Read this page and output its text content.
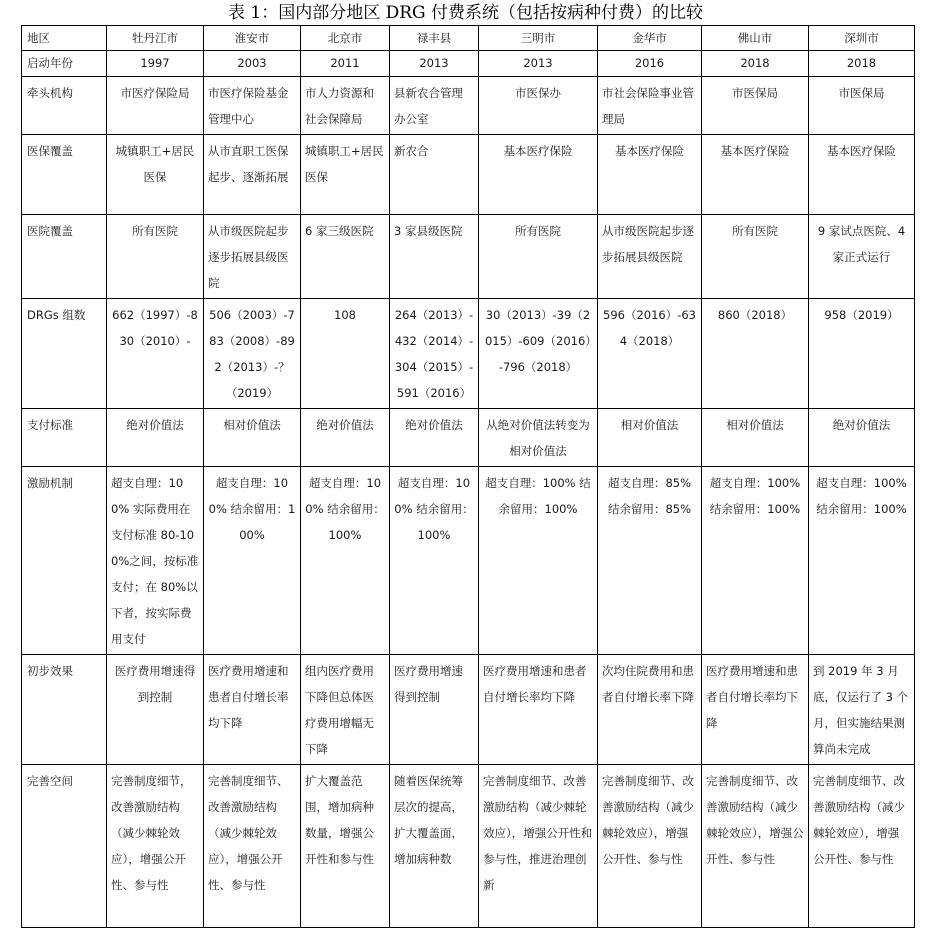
表 1：国内部分地区 DRG 付费系统（包括按病种付费）的比较
地区	牡丹江市	淮安市	北京市	禄丰县	三明市	金华市	佛山市	深圳市
启动年份	1997	2003	2011	2013	2013	2016	2018	2018
牵头机构	市医疗保险局	市医疗保险基金管理中心	市人力资源和社会保障局	县新农合管理办公室	市医保办	市社会保险事业管理局	市医保局	市医保局
医保覆盖	城镇职工+居民医保	从市直职工医保起步、逐渐拓展	城镇职工+居民医保	新农合	基本医疗保险	基本医疗保险	基本医疗保险	基本医疗保险
医院覆盖	所有医院	从市级医院起步逐步拓展县级医院	6 家三级医院	3 家县级医院	所有医院	从市级医院起步逐步拓展县级医院	所有医院	9 家试点医院、4 家正式运行
DRGs 组数	662（1997）-830（2010）-	506（2003）-783（2008）-892（2013）-？（2019）	108	264（2013）-432（2014）-304（2015）-591（2016）	30（2013）-39（2015）-609（2016）-796（2018）	596（2016）-634（2018）	860（2018）	958（2019）
支付标准	绝对价值法	相对价值法	绝对价值法	绝对价值法	从绝对价值法转变为相对价值法	相对价值法	相对价值法	绝对价值法
激励机制	超支自理：100% 实际费用在支付标准 80-100%之间，按标准支付；在 80%以下者，按实际费用支付	超支自理：100% 结余留用：100%	超支自理：100% 结余留用：100%	超支自理：100% 结余留用：100%	超支自理：100% 结余留用：100%	超支自理：85% 结余留用：85%	超支自理：100% 结余留用：100%	超支自理：100% 结余留用：100%
初步效果	医疗费用增速得到控制	医疗费用增速和患者自付增长率均下降	组内医疗费用下降但总体医疗费用增幅无下降	医疗费用增速得到控制	医疗费用增速和患者自付增长率均下降	次均住院费用和患者自付增长率下降	医疗费用增速和患者自付增长率均下降	到 2019 年 3 月底，仅运行了 3 个月，但实施结果测算尚未完成
完善空间	完善制度细节，改善激励结构（减少棘轮效应），增强公开性、参与性	完善制度细节、改善激励结构（减少棘轮效应），增强公开性、参与性	扩大覆盖范围，增加病种数量，增强公开性和参与性	随着医保统筹层次的提高，扩大覆盖面，增加病种数	完善制度细节、改善激励结构（减少棘轮效应），增强公开性和参与性，推进治理创新	完善制度细节、改善激励结构（减少棘轮效应），增强公开性、参与性	完善制度细节、改善激励结构（减少棘轮效应），增强公开性、参与性	完善制度细节、改善激励结构（减少棘轮效应），增强公开性、参与性
